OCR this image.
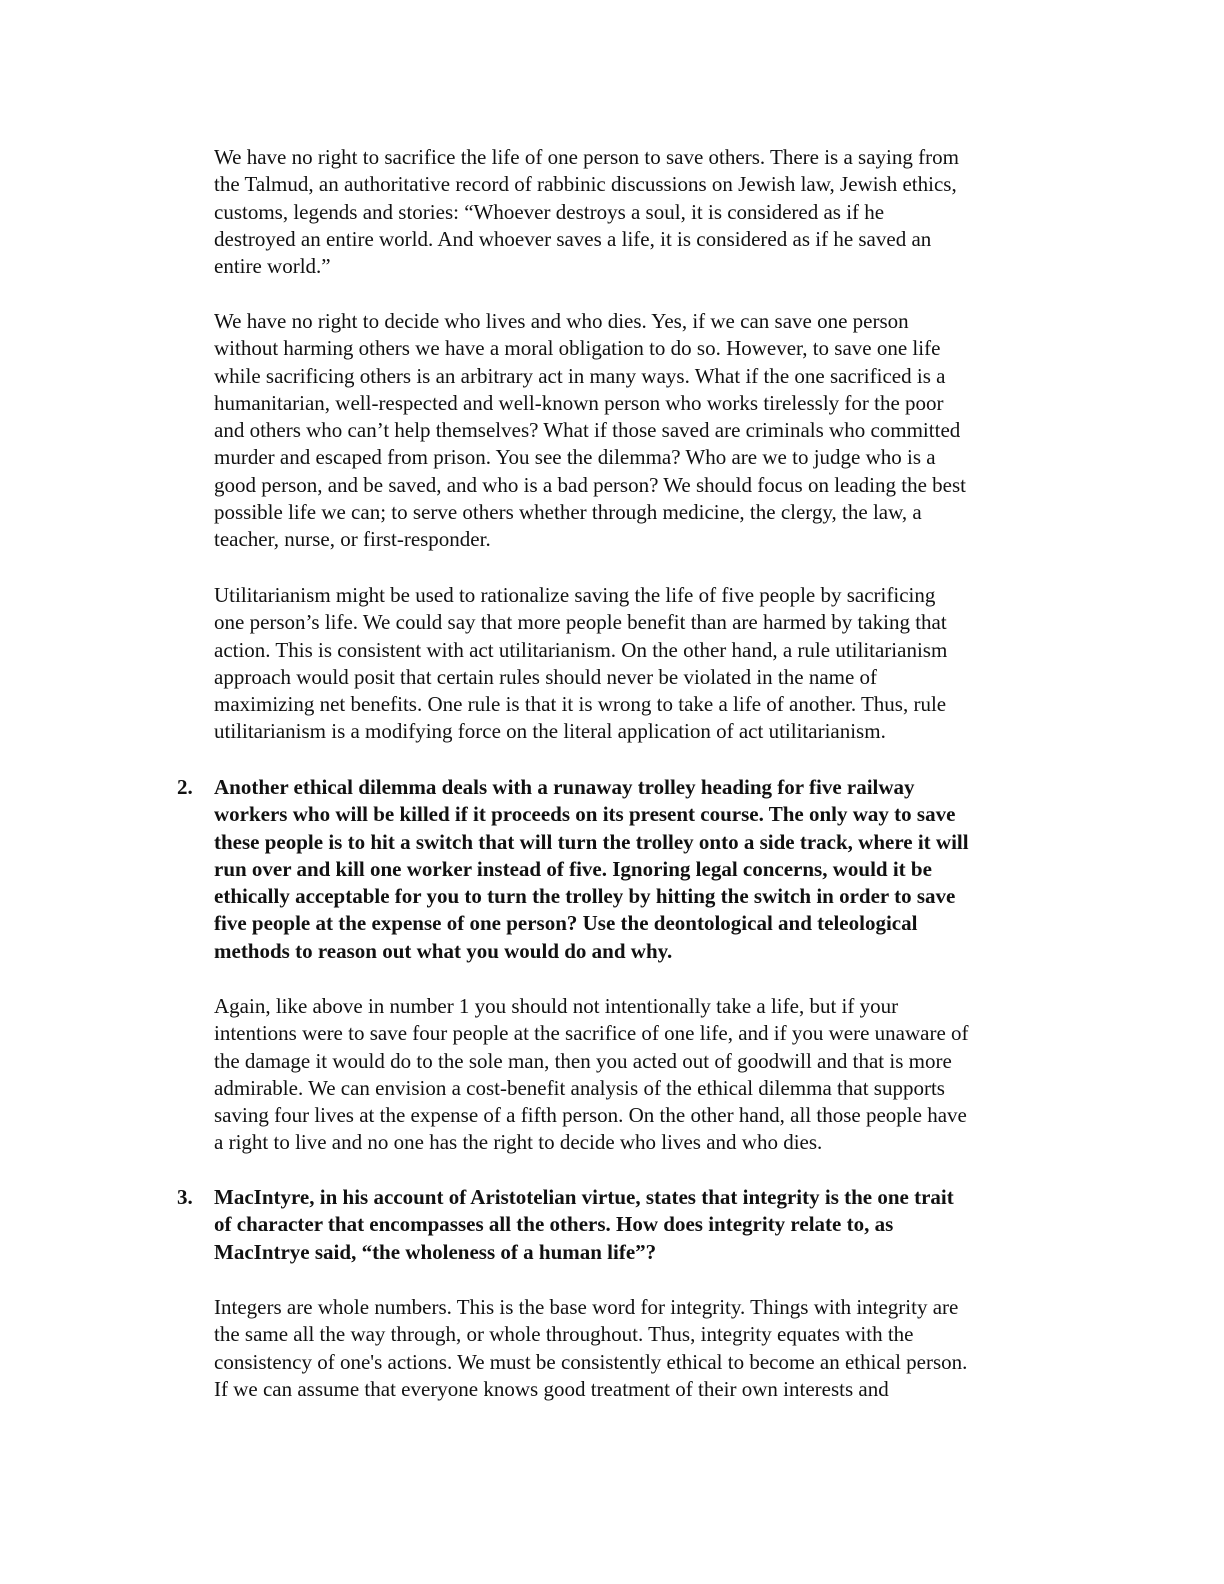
We have no right to sacrifice the life of one person to save others. There is a saying from
the Talmud, an authoritative record of rabbinic discussions on Jewish law, Jewish ethics,
customs, legends and stories: “Whoever destroys a soul, it is considered as if he
destroyed an entire world. And whoever saves a life, it is considered as if he saved an
entire world.”

We have no right to decide who lives and who dies. Yes, if we can save one person
without harming others we have a moral obligation to do so. However, to save one life
while sacrificing others is an arbitrary act in many ways. What if the one sacrificed is a
humanitarian, well-respected and well-known person who works tirelessly for the poor
and others who can’t help themselves? What if those saved are criminals who committed
murder and escaped from prison. You see the dilemma? Who are we to judge who is a
good person, and be saved, and who is a bad person? We should focus on leading the best
possible life we can; to serve others whether through medicine, the clergy, the law, a
teacher, nurse, or first-responder.

Utilitarianism might be used to rationalize saving the life of five people by sacrificing
one person’s life. We could say that more people benefit than are harmed by taking that
action. This is consistent with act utilitarianism. On the other hand, a rule utilitarianism
approach would posit that certain rules should never be violated in the name of
maximizing net benefits. One rule is that it is wrong to take a life of another. Thus, rule
utilitarianism is a modifying force on the literal application of act utilitarianism.

2. Another ethical dilemma deals with a runaway trolley heading for five railway
workers who will be killed if it proceeds on its present course. The only way to save
these people is to hit a switch that will turn the trolley onto a side track, where it will
run over and kill one worker instead of five. Ignoring legal concerns, would it be
ethically acceptable for you to turn the trolley by hitting the switch in order to save
five people at the expense of one person? Use the deontological and teleological
methods to reason out what you would do and why.

Again, like above in number 1 you should not intentionally take a life, but if your
intentions were to save four people at the sacrifice of one life, and if you were unaware of
the damage it would do to the sole man, then you acted out of goodwill and that is more
admirable. We can envision a cost-benefit analysis of the ethical dilemma that supports
saving four lives at the expense of a fifth person. On the other hand, all those people have
a right to live and no one has the right to decide who lives and who dies.

3. MacIntyre, in his account of Aristotelian virtue, states that integrity is the one trait
of character that encompasses all the others. How does integrity relate to, as
MacIntrye said, “the wholeness of a human life”?

Integers are whole numbers. This is the base word for integrity. Things with integrity are
the same all the way through, or whole throughout. Thus, integrity equates with the
consistency of one's actions. We must be consistently ethical to become an ethical person.
If we can assume that everyone knows good treatment of their own interests and
